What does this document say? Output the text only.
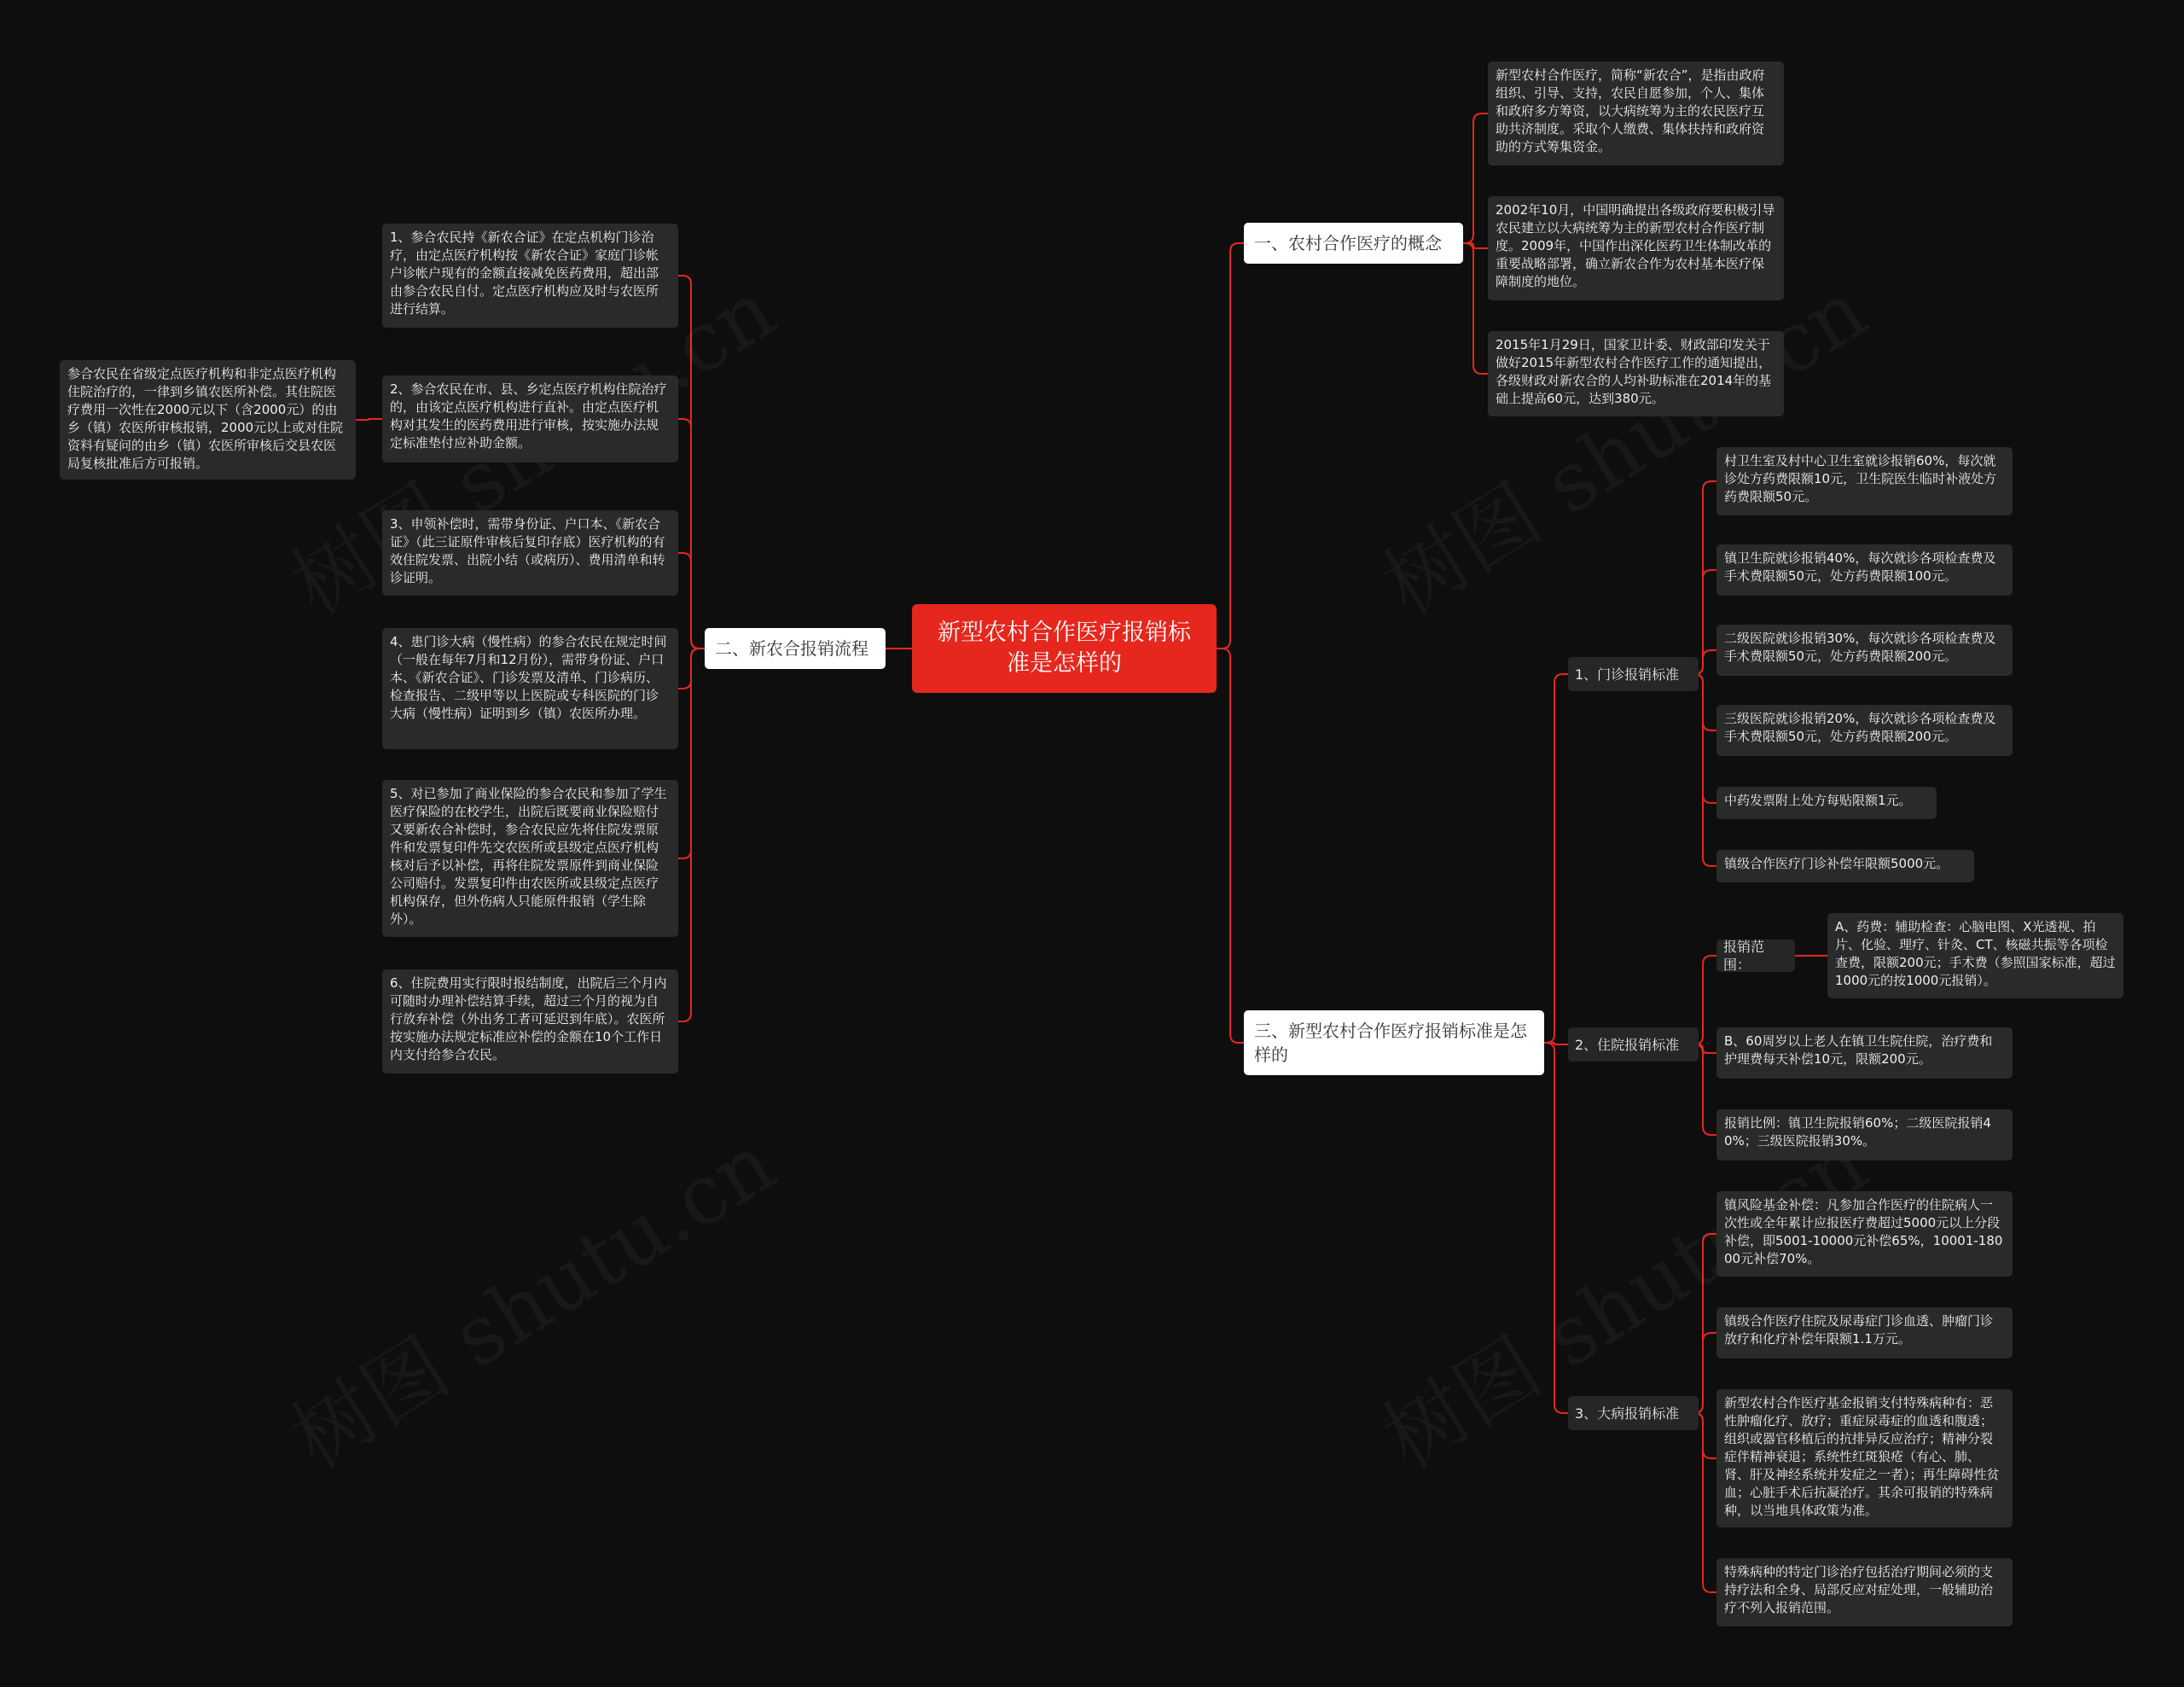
新型农村合作医疗报销标准是怎样的
一、农村合作医疗的概念
新型农村合作医疗，简称“新农合”，是指由政府组织、引导、支持，农民自愿参加，个人、集体和政府多方筹资，以大病统筹为主的农民医疗互助共济制度。采取个人缴费、集体扶持和政府资助的方式筹集资金。
2002年10月，中国明确提出各级政府要积极引导农民建立以大病统筹为主的新型农村合作医疗制度。2009年，中国作出深化医药卫生体制改革的重要战略部署，确立新农合作为农村基本医疗保障制度的地位。
2015年1月29日，国家卫计委、财政部印发关于做好2015年新型农村合作医疗工作的通知提出，各级财政对新农合的人均补助标准在2014年的基础上提高60元，达到380元。
二、新农合报销流程
1、参合农民持《新农合证》在定点机构门诊治疗，由定点医疗机构按《新农合证》家庭门诊帐户诊帐户现有的金额直接减免医药费用，超出部由参合农民自付。定点医疗机构应及时与农医所进行结算。
2、参合农民在市、县、乡定点医疗机构住院治疗的，由该定点医疗机构进行直补。由定点医疗机构对其发生的医药费用进行审核，按实施办法规定标准垫付应补助金额。
3、申领补偿时，需带身份证、户口本、《新农合证》（此三证原件审核后复印存底）医疗机构的有效住院发票、出院小结（或病历）、费用清单和转诊证明。
4、患门诊大病（慢性病）的参合农民在规定时间（一般在每年7月和12月份），需带身份证、户口本、《新农合证》、门诊发票及清单、门诊病历、检查报告、二级甲等以上医院或专科医院的门诊大病（慢性病）证明到乡（镇）农医所办理。
5、对已参加了商业保险的参合农民和参加了学生医疗保险的在校学生，出院后既要商业保险赔付又要新农合补偿时，参合农民应先将住院发票原件和发票复印件先交农医所或县级定点医疗机构核对后予以补偿，再将住院发票原件到商业保险公司赔付。发票复印件由农医所或县级定点医疗机构保存，但外伤病人只能原件报销（学生除外）。
6、住院费用实行限时报结制度，出院后三个月内可随时办理补偿结算手续，超过三个月的视为自行放弃补偿（外出务工者可延迟到年底）。农医所按实施办法规定标准应补偿的金额在10个工作日内支付给参合农民。
参合农民在省级定点医疗机构和非定点医疗机构住院治疗的，一律到乡镇农医所补偿。其住院医疗费用一次性在2000元以下（含2000元）的由乡（镇）农医所审核报销，2000元以上或对住院资料有疑问的由乡（镇）农医所审核后交县农医局复核批准后方可报销。
三、新型农村合作医疗报销标准是怎样的
1、门诊报销标准
村卫生室及村中心卫生室就诊报销60%，每次就诊处方药费限额10元，卫生院医生临时补液处方药费限额50元。
镇卫生院就诊报销40%，每次就诊各项检查费及手术费限额50元，处方药费限额100元。
二级医院就诊报销30%，每次就诊各项检查费及手术费限额50元，处方药费限额200元。
三级医院就诊报销20%，每次就诊各项检查费及手术费限额50元，处方药费限额200元。
中药发票附上处方每贴限额1元。
镇级合作医疗门诊补偿年限额5000元。
2、住院报销标准
报销范围：
A、药费：辅助检查：心脑电图、X光透视、拍片、化验、理疗、针灸、CT、核磁共振等各项检查费，限额200元；手术费（参照国家标准，超过1000元的按1000元报销）。
B、60周岁以上老人在镇卫生院住院，治疗费和护理费每天补偿10元，限额200元。
报销比例：镇卫生院报销60%；二级医院报销40%；三级医院报销30%。
3、大病报销标准
镇风险基金补偿：凡参加合作医疗的住院病人一次性或全年累计应报医疗费超过5000元以上分段补偿，即5001-10000元补偿65%，10001-18000元补偿70%。
镇级合作医疗住院及尿毒症门诊血透、肿瘤门诊放疗和化疗补偿年限额1.1万元。
新型农村合作医疗基金报销支付特殊病种有：恶性肿瘤化疗、放疗；重症尿毒症的血透和腹透；组织或器官移植后的抗排异反应治疗；精神分裂症伴精神衰退；系统性红斑狼疮（有心、肺、肾、肝及神经系统并发症之一者）；再生障碍性贫血；心脏手术后抗凝治疗。其余可报销的特殊病种，以当地具体政策为准。
特殊病种的特定门诊治疗包括治疗期间必须的支持疗法和全身、局部反应对症处理，一般辅助治疗不列入报销范围。
